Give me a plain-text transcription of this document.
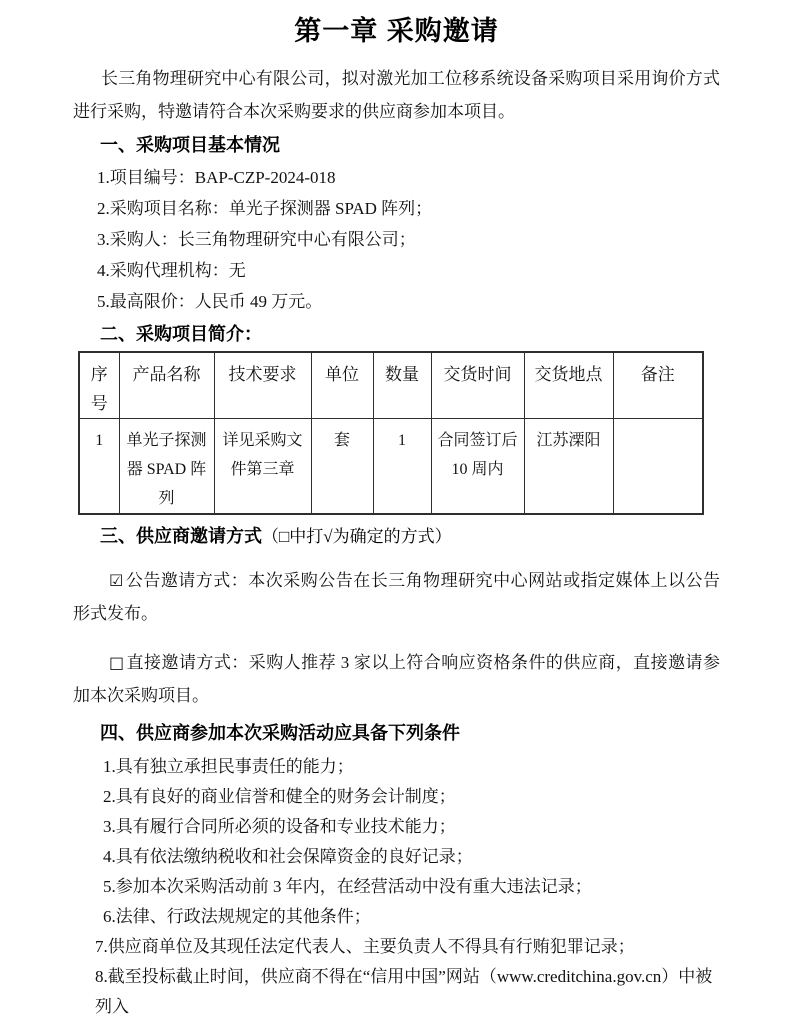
第一章 采购邀请

长三角物理研究中心有限公司，拟对激光加工位移系统设备采购项目采用询价方式进行采购，特邀请符合本次采购要求的供应商参加本项目。

一、采购项目基本情况

1.项目编号：BAP-CZP-2024-018

2.采购项目名称：单光子探测器 SPAD 阵列；

3.采购人：长三角物理研究中心有限公司；

4.采购代理机构：无

5.最高限价：人民币 49 万元。

二、采购项目简介：
序号	产品名称	技术要求	单位	数量	交货时间	交货地点	备注
1	单光子探测器 SPAD 阵列	详见采购文件第三章	套	1	合同签订后 10 周内	江苏溧阳	
三、供应商邀请方式（□中打√为确定的方式）

☑ 公告邀请方式：本次采购公告在长三角物理研究中心网站或指定媒体上以公告形式发布。

□ 直接邀请方式：采购人推荐 3 家以上符合响应资格条件的供应商，直接邀请参加本次采购项目。

四、供应商参加本次采购活动应具备下列条件

1.具有独立承担民事责任的能力；

2.具有良好的商业信誉和健全的财务会计制度；

3.具有履行合同所必须的设备和专业技术能力；

4.具有依法缴纳税收和社会保障资金的良好记录；

5.参加本次采购活动前 3 年内，在经营活动中没有重大违法记录；

6.法律、行政法规规定的其他条件；

7.供应商单位及其现任法定代表人、主要负责人不得具有行贿犯罪记录；

8.截至投标截止时间，供应商不得在“信用中国”网站（www.creditchina.gov.cn）中被列入
